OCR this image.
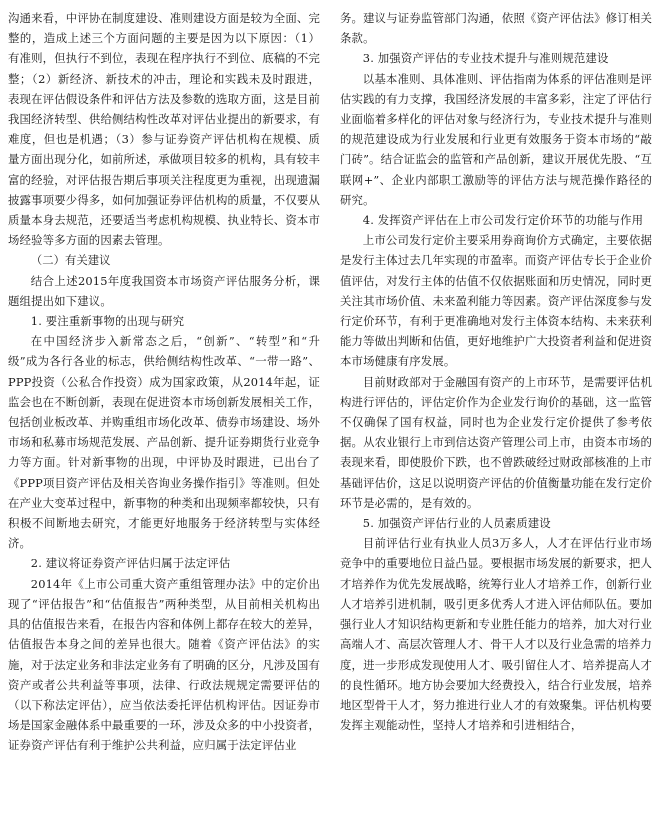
沟通来看，中评协在制度建设、准则建设方面是较为全面、完整的，造成上述三个方面问题的主要是因为以下原因：（1）有准则，但执行不到位，表现在程序执行不到位、底稿的不完整；（2）新经济、新技术的冲击，理论和实践未及时跟进，表现在评估假设条件和评估方法及参数的选取方面，这是目前我国经济转型、供给侧结构性改革对评估业提出的新要求，有难度，但也是机遇；（3）参与证券资产评估机构在规模、质量方面出现分化，如前所述，承做项目较多的机构，具有较丰富的经验，对评估报告期后事项关注程度更为重视，出现遗漏披露事项要少得多，如何加强证券评估机构的质量，不仅要从质量本身去规范，还要适当考虑机构规模、执业特长、资本市场经验等多方面的因素去管理。

（二）有关建议

结合上述2015年度我国资本市场资产评估服务分析，课题组提出如下建议。

1. 要注重新事物的出现与研究

在中国经济步入新常态之后，“创新”、“转型”和“升级”成为各行各业的标志，供给侧结构性改革、“一带一路”、PPP投资（公私合作投资）成为国家政策，从2014年起，证监会也在不断创新，表现在促进资本市场创新发展相关工作，包括创业板改革、并购重组市场化改革、债券市场建设、场外市场和私募市场规范发展、产品创新、提升证券期货行业竞争力等方面。针对新事物的出现，中评协及时跟进，已出台了《PPP项目资产评估及相关咨询业务操作指引》等准则。但处在产业大变革过程中，新事物的种类和出现频率都较快，只有积极不间断地去研究，才能更好地服务于经济转型与实体经济。

2. 建议将证券资产评估归属于法定评估

2014年《上市公司重大资产重组管理办法》中的定价出现了“评估报告”和“估值报告”两种类型，从目前相关机构出具的估值报告来看，在报告内容和体例上都存在较大的差异，估值报告本身之间的差异也很大。随着《资产评估法》的实施，对于法定业务和非法定业务有了明确的区分，凡涉及国有资产或者公共利益等事项，法律、行政法规规定需要评估的（以下称法定评估），应当依法委托评估机构评估。因证券市场是国家金融体系中最重要的一环，涉及众多的中小投资者，证券资产评估有利于维护公共利益，应归属于法定评估业

务。建议与证券监管部门沟通，依照《资产评估法》修订相关条款。

3. 加强资产评估的专业技术提升与准则规范建设

以基本准则、具体准则、评估指南为体系的评估准则是评估实践的有力支撑，我国经济发展的丰富多彩，注定了评估行业面临着多样化的评估对象与经济行为，专业技术提升与准则的规范建设成为行业发展和行业更有效服务于资本市场的“敲门砖”。结合证监会的监管和产品创新，建议开展优先股、“互联网+”、企业内部职工激励等的评估方法与规范操作路径的研究。

4. 发挥资产评估在上市公司发行定价环节的功能与作用

上市公司发行定价主要采用券商询价方式确定，主要依据是发行主体过去几年实现的市盈率。而资产评估专长于企业价值评估，对发行主体的估值不仅依据账面和历史情况，同时更关注其市场价值、未来盈利能力等因素。资产评估深度参与发行定价环节，有利于更准确地对发行主体资本结构、未来获利能力等做出判断和估值，更好地维护广大投资者利益和促进资本市场健康有序发展。

目前财政部对于金融国有资产的上市环节，是需要评估机构进行评估的，评估定价作为企业发行询价的基础，这一监管不仅确保了国有权益，同时也为企业发行定价提供了参考依据。从农业银行上市到信达资产管理公司上市，由资本市场的表现来看，即使股价下跌，也不曾跌破经过财政部核准的上市基础评估价，这足以说明资产评估的价值衡量功能在发行定价环节是必需的，是有效的。

5. 加强资产评估行业的人员素质建设

目前评估行业有执业人员3万多人，人才在评估行业市场竞争中的重要地位日益凸显。要根据市场发展的新要求，把人才培养作为优先发展战略，统筹行业人才培养工作，创新行业人才培养引进机制，吸引更多优秀人才进入评估师队伍。要加强行业人才知识结构更新和专业胜任能力的培养，加大对行业高端人才、高层次管理人才、骨干人才以及行业急需的培养力度，进一步形成发现使用人才、吸引留住人才、培养提高人才的良性循环。地方协会要加大经费投入，结合行业发展，培养地区型骨干人才，努力推进行业人才的有效聚集。评估机构要发挥主观能动性，坚持人才培养和引进相结合，
